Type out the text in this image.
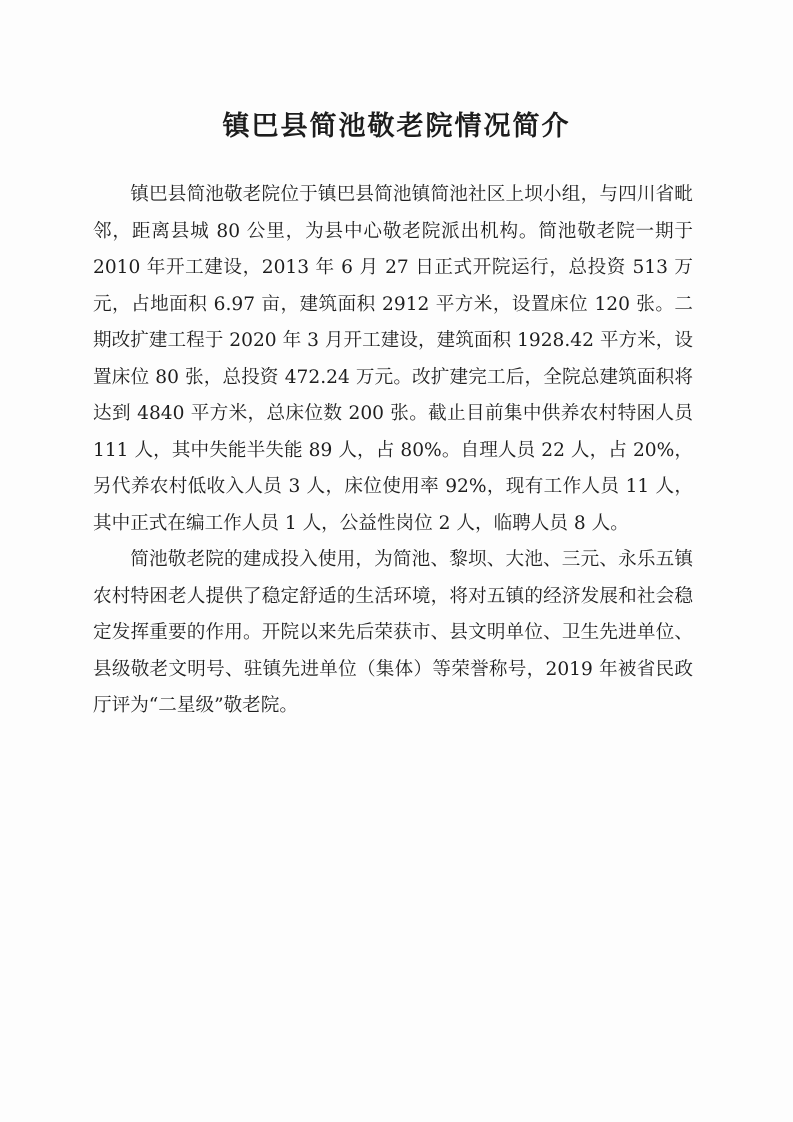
镇巴县简池敬老院情况简介

镇巴县简池敬老院位于镇巴县简池镇简池社区上坝小组，与四川省毗邻，距离县城 80 公里，为县中心敬老院派出机构。简池敬老院一期于 2010 年开工建设，2013 年 6 月 27 日正式开院运行，总投资 513 万元，占地面积 6.97 亩，建筑面积 2912 平方米，设置床位 120 张。二期改扩建工程于 2020 年 3 月开工建设，建筑面积 1928.42 平方米，设置床位 80 张，总投资 472.24 万元。改扩建完工后，全院总建筑面积将达到 4840 平方米，总床位数 200 张。截止目前集中供养农村特困人员 111 人，其中失能半失能 89 人，占 80%。自理人员 22 人，占 20%，另代养农村低收入人员 3 人，床位使用率 92%，现有工作人员 11 人，其中正式在编工作人员 1 人，公益性岗位 2 人，临聘人员 8 人。

简池敬老院的建成投入使用，为简池、黎坝、大池、三元、永乐五镇农村特困老人提供了稳定舒适的生活环境，将对五镇的经济发展和社会稳定发挥重要的作用。开院以来先后荣获市、县文明单位、卫生先进单位、县级敬老文明号、驻镇先进单位（集体）等荣誉称号，2019 年被省民政厅评为“二星级”敬老院。
